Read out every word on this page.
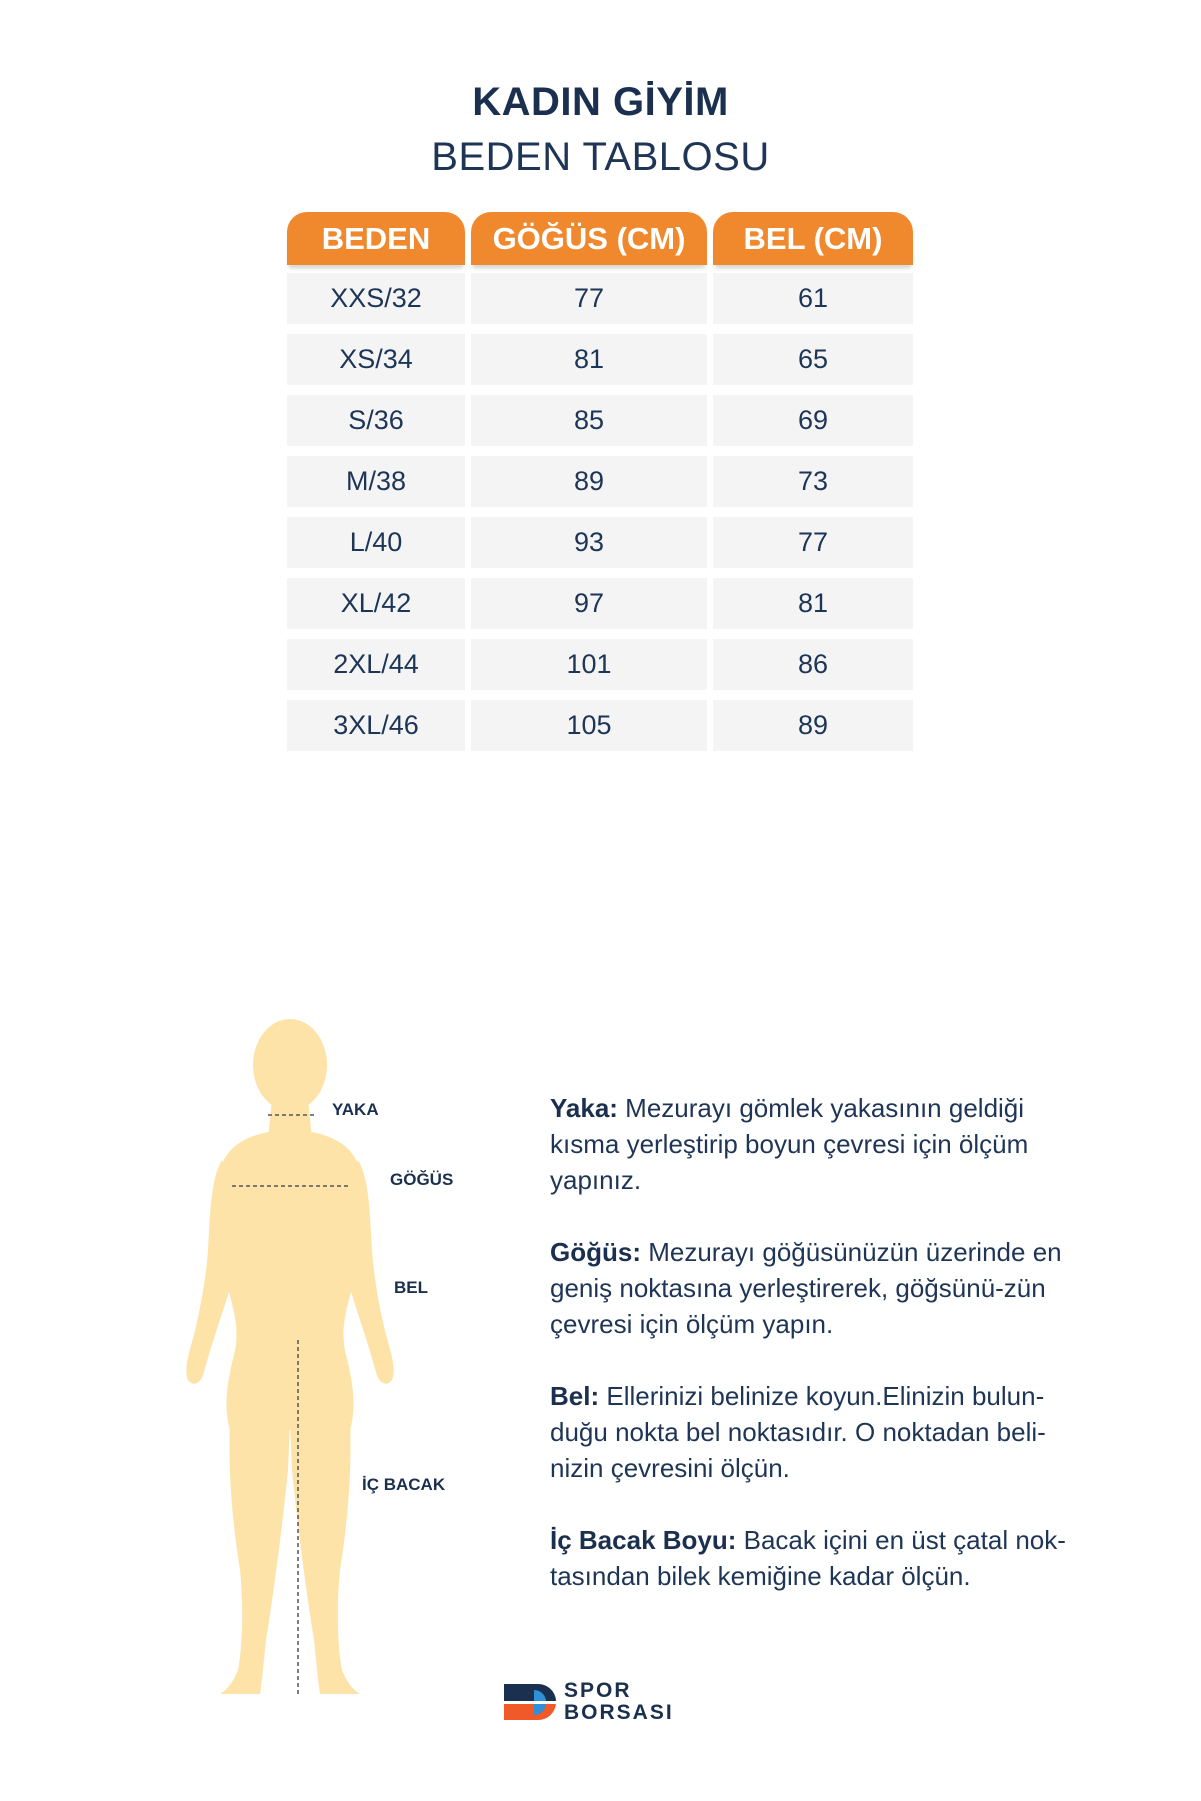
KADIN GİYİM
BEDEN TABLOSU
BEDEN	GÖĞÜS (CM)	BEL (CM)
XXS/32	77	61
XS/34	81	65
S/36	85	69
M/38	89	73
L/40	93	77
XL/42	97	81
2XL/44	101	86
3XL/46	105	89
YAKA
GÖĞÜS
BEL
İÇ BACAK

Yaka: Mezurayı gömlek yakasının geldiği kısma yerleştirip boyun çevresi için ölçüm yapınız.

Göğüs: Mezurayı göğüsünüzün üzerinde en geniş noktasına yerleştirerek, göğsünü-zün çevresi için ölçüm yapın.

Bel: Ellerinizi belinize koyun.Elinizin bulun-duğu nokta bel noktasıdır. O noktadan beli-nizin çevresini ölçün.

İç Bacak Boyu: Bacak içini en üst çatal nok-tasından bilek kemiğine kadar ölçün.

SPOR
BORSASI
